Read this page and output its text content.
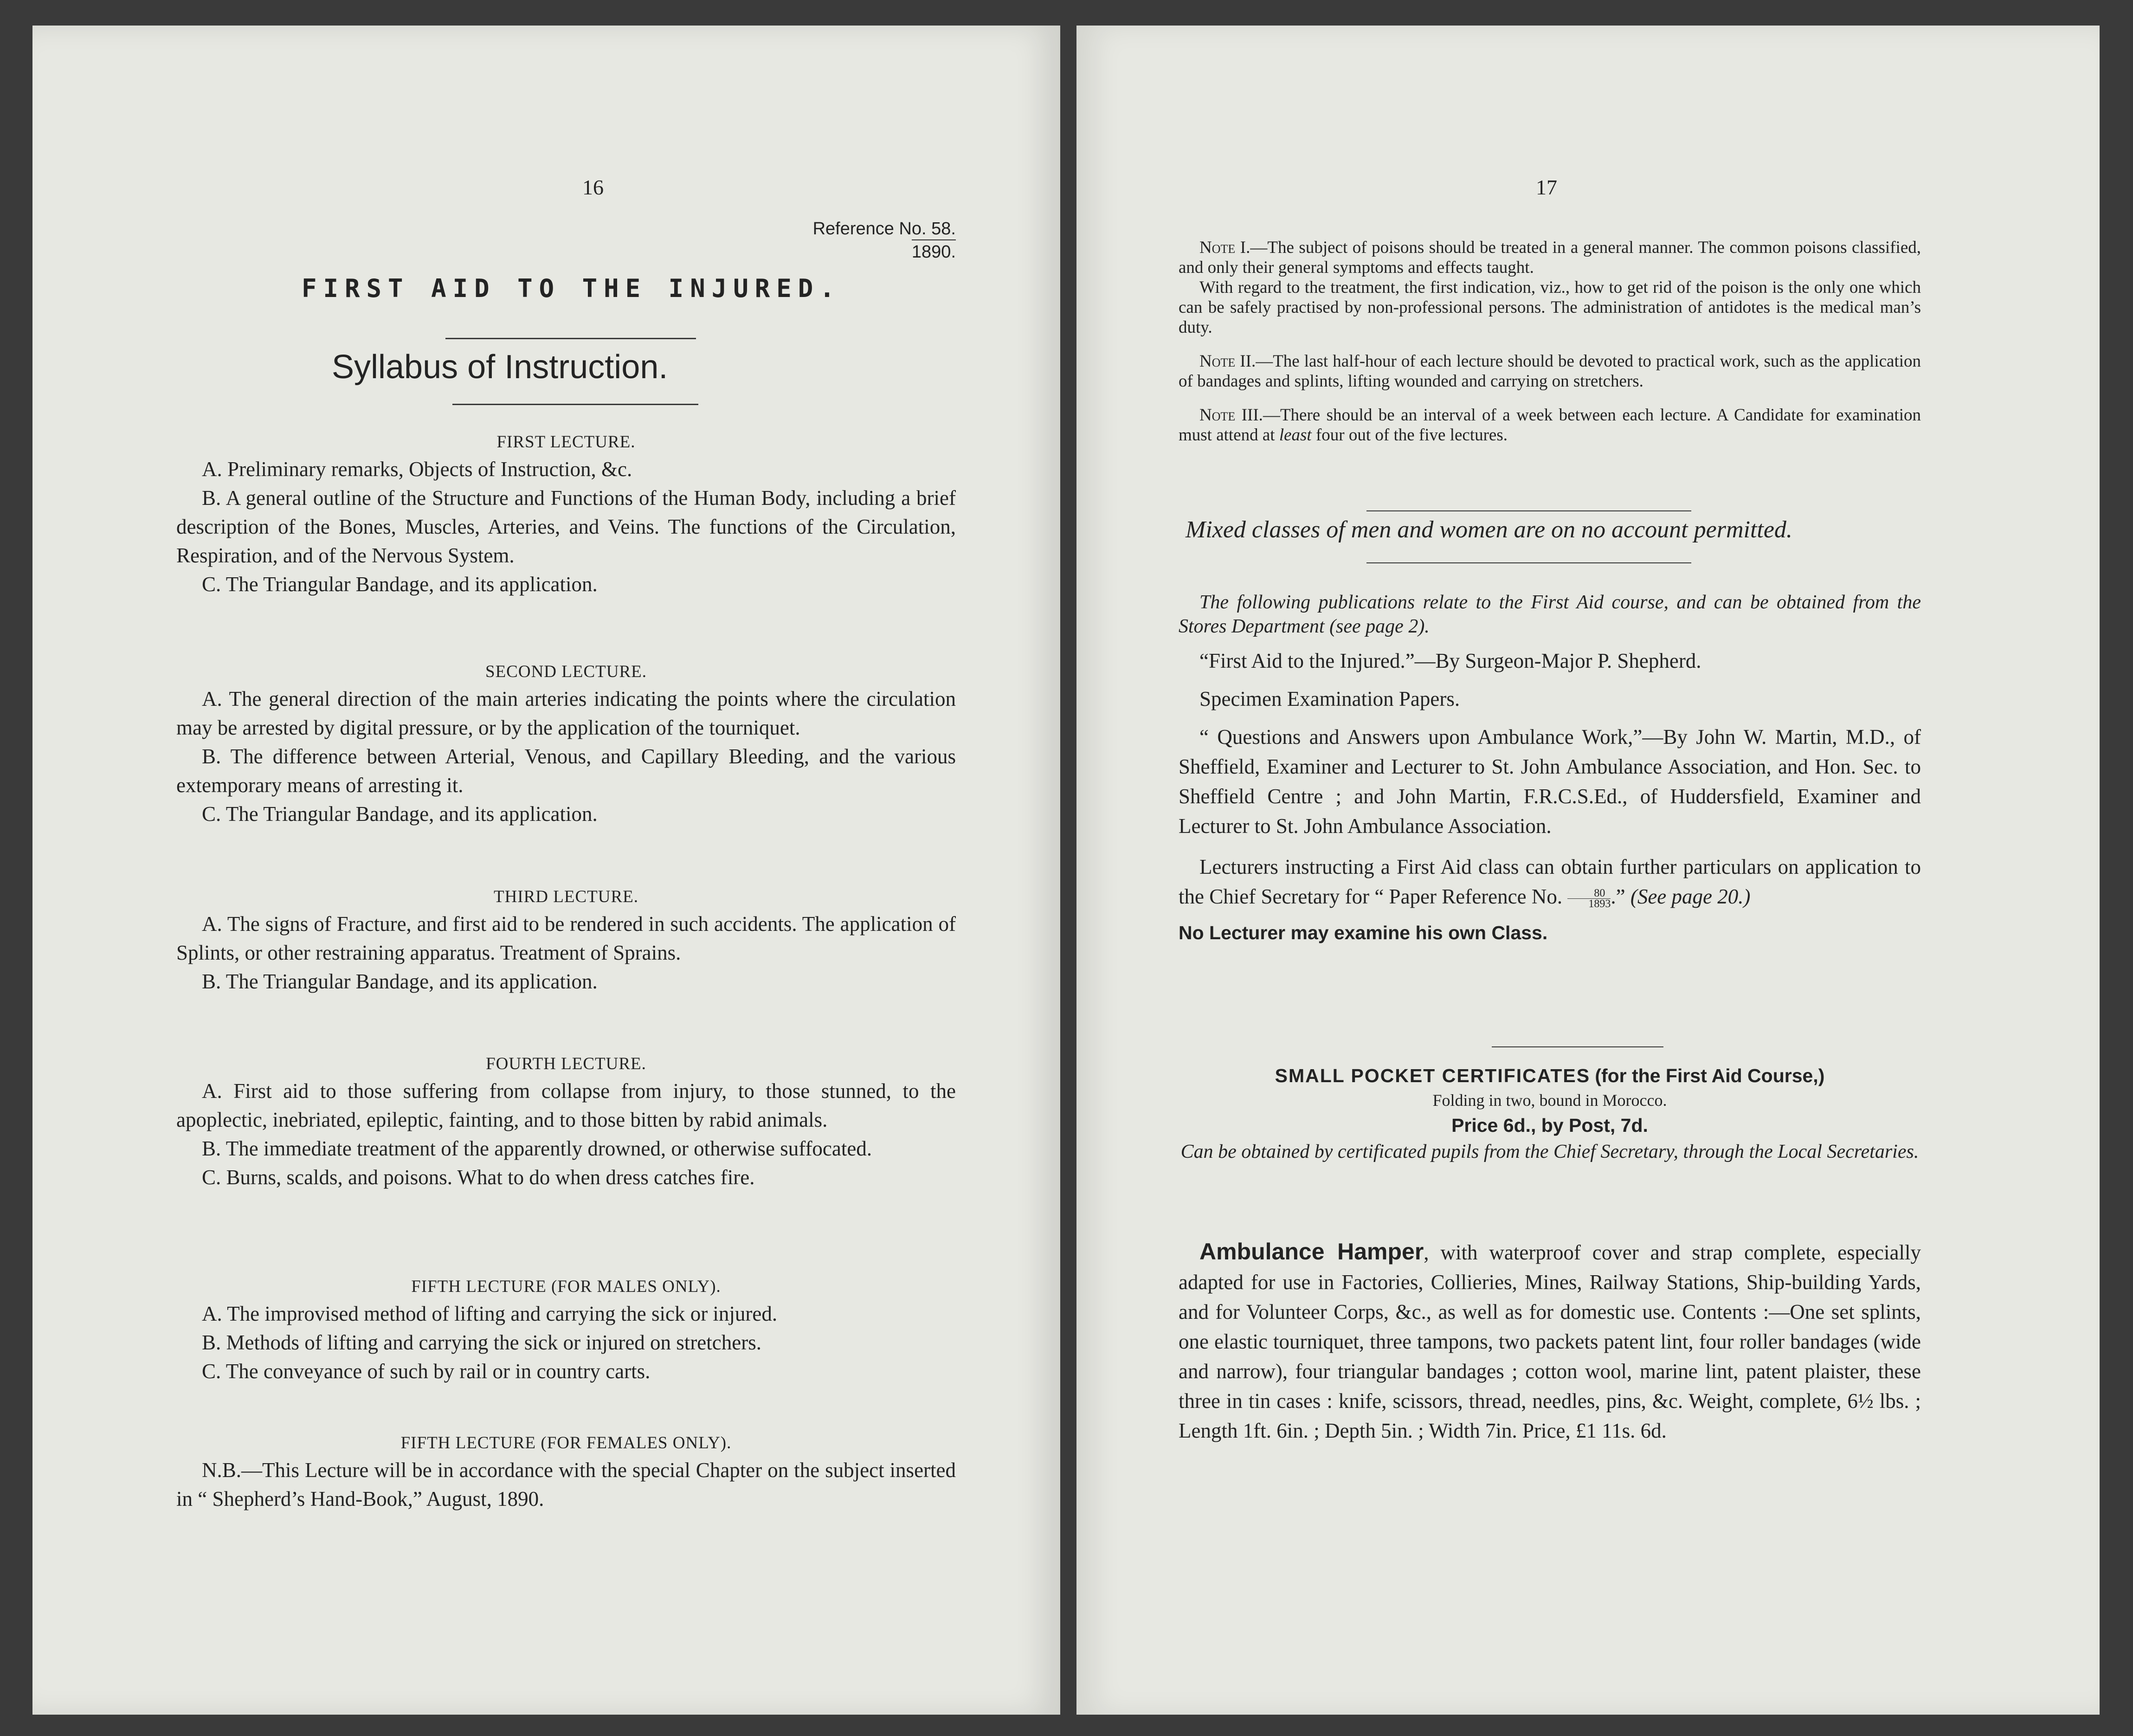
16	17
Reference No. 58.
1890.
FIRST AID TO THE INJURED.
Syllabus of Instruction.

FIRST LECTURE.

A. Preliminary remarks, Objects of Instruction, &c.

B. A general outline of the Structure and Functions of the Human Body, including a brief description of the Bones, Muscles, Arteries, and Veins. The functions of the Circulation, Respiration, and of the Nervous System.

C. The Triangular Bandage, and its application.

SECOND LECTURE.

A. The general direction of the main arteries indicating the points where the circulation may be arrested by digital pressure, or by the application of the tourniquet.

B. The difference between Arterial, Venous, and Capillary Bleeding, and the various extemporary means of arresting it.

C. The Triangular Bandage, and its application.

THIRD LECTURE.

A. The signs of Fracture, and first aid to be rendered in such accidents. The application of Splints, or other restraining apparatus. Treatment of Sprains.

B. The Triangular Bandage, and its application.

FOURTH LECTURE.

A. First aid to those suffering from collapse from injury, to those stunned, to the apoplectic, inebriated, epileptic, fainting, and to those bitten by rabid animals.

B. The immediate treatment of the apparently drowned, or otherwise suffocated.

C. Burns, scalds, and poisons. What to do when dress catches fire.

FIFTH LECTURE (FOR MALES ONLY).

A. The improvised method of lifting and carrying the sick or injured.

B. Methods of lifting and carrying the sick or injured on stretchers.

C. The conveyance of such by rail or in country carts.

FIFTH LECTURE (FOR FEMALES ONLY).

N.B.—This Lecture will be in accordance with the special Chapter on the subject inserted in “ Shepherd’s Hand-Book,” August, 1890.

Note I.—The subject of poisons should be treated in a general manner. The common poisons classified, and only their general symptoms and effects taught.

With regard to the treatment, the first indication, viz., how to get rid of the poison is the only one which can be safely practised by non-professional persons. The administration of antidotes is the medical man’s duty.

Note II.—The last half-hour of each lecture should be devoted to practical work, such as the application of bandages and splints, lifting wounded and carrying on stretchers.

Note III.—There should be an interval of a week between each lecture. A Candidate for examination must attend at least four out of the five lectures.

Mixed classes of men and women are on no account permitted.

The following publications relate to the First Aid course, and can be obtained from the Stores Department (see page 2).

“First Aid to the Injured.”—By Surgeon-Major P. Shepherd.

Specimen Examination Papers.

“ Questions and Answers upon Ambulance Work,”—By John W. Martin, M.D., of Sheffield, Examiner and Lecturer to St. John Ambulance Association, and Hon. Sec. to Sheffield Centre ; and John Martin, F.R.C.S.Ed., of Huddersfield, Examiner and Lecturer to St. John Ambulance Association.

Lecturers instructing a First Aid class can obtain further particulars on application to the Chief Secretary for “ Paper Reference No. $\frac{80}{1893}$ .” (See page 20.)

No Lecturer may examine his own Class.

SMALL POCKET CERTIFICATES (for the First Aid Course,)

Folding in two, bound in Morocco.

Price 6d., by Post, 7d.

Can be obtained by certificated pupils from the Chief Secretary, through the Local Secretaries.

Ambulance Hamper, with waterproof cover and strap complete, especially adapted for use in Factories, Collieries, Mines, Railway Stations, Ship-building Yards, and for Volunteer Corps, &c., as well as for domestic use. Contents :—One set splints, one elastic tourniquet, three tampons, two packets patent lint, four roller bandages (wide and narrow), four triangular bandages ; cotton wool, marine lint, patent plaister, these three in tin cases : knife, scissors, thread, needles, pins, &c. Weight, complete, 6½ lbs. ; Length 1ft. 6in. ; Depth 5in. ; Width 7in. Price, £1 11s. 6d.
